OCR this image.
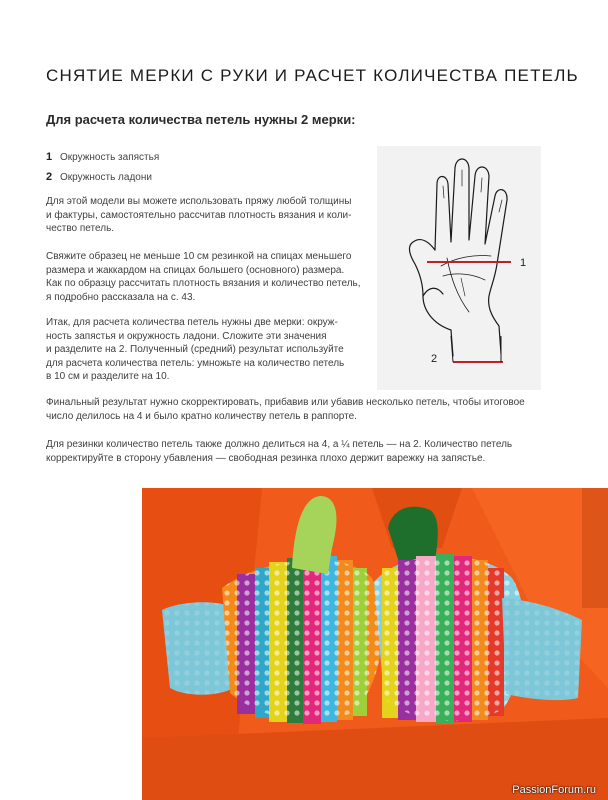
СНЯТИЕ МЕРКИ С РУКИ И РАСЧЕТ КОЛИЧЕСТВА ПЕТЕЛЬ
Для расчета количества петель нужны 2 мерки:
1 Окружность запястья
2 Окружность ладони

Для этой модели вы можете использовать пряжу любой толщины
и фактуры, самостоятельно рассчитав плотность вязания и коли-
чество петель.

Свяжите образец не меньше 10 см резинкой на спицах меньшего
размера и жаккардом на спицах большего (основного) размера.
Как по образцу рассчитать плотность вязания и количество петель,
я подробно рассказала на с. 43.

Итак, для расчета количества петель нужны две мерки: окруж-
ность запястья и окружность ладони. Сложите эти значения
и разделите на 2. Полученный (средний) результат используйте
для расчета количества петель: умножьте на количество петель
в 10 см и разделите на 10.

Финальный результат нужно скорректировать, прибавив или убавив несколько петель, чтобы итоговое
число делилось на 4 и было кратно количеству петель в раппорте.

Для резинки количество петель также должно делиться на 4, а ¼ петель — на 2. Количество петель
корректируйте в сторону убавления — свободная резинка плохо держит варежку на запястье.

1
2
PassionForum.ru
